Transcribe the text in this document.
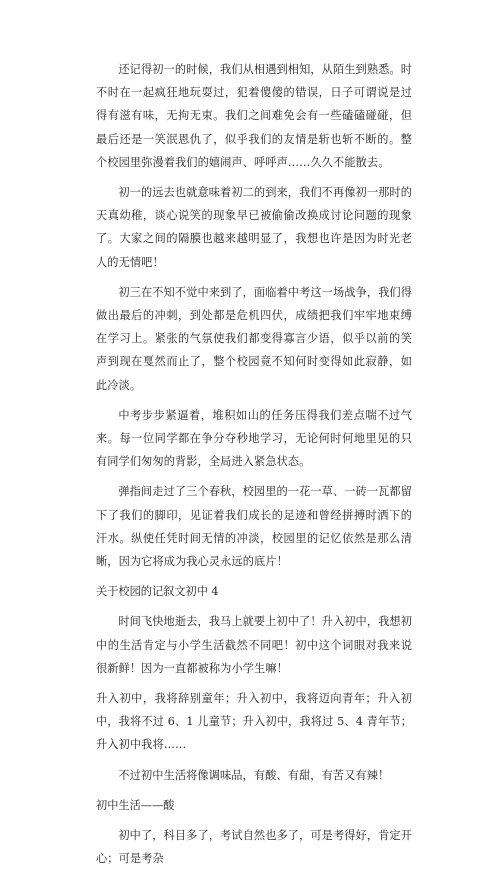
还记得初一的时候，我们从相遇到相知，从陌生到熟悉。时不时在一起疯狂地玩耍过，犯着傻傻的错误，日子可谓说是过得有滋有味，无拘无束。我们之间难免会有一些磕磕碰碰，但最后还是一笑泯恩仇了，似乎我们的友情是斩也斩不断的。整个校园里弥漫着我们的嬉闹声、呼呼声……久久不能散去。

初一的远去也就意味着初二的到来，我们不再像初一那时的天真幼稚，谈心说笑的现象早已被偷偷改换成讨论问题的现象了。大家之间的隔膜也越来越明显了，我想也许是因为时光老人的无情吧！

初三在不知不觉中来到了，面临着中考这一场战争，我们得做出最后的冲刺，到处都是危机四伏，成绩把我们牢牢地束缚在学习上。紧张的气氛使我们都变得寡言少语，似乎以前的笑声到现在戛然而止了，整个校园竟不知何时变得如此寂静，如此冷淡。

中考步步紧逼着，堆积如山的任务压得我们差点喘不过气来。每一位同学都在争分夺秒地学习，无论何时何地里见的只有同学们匆匆的背影，全局进入紧急状态。

弹指间走过了三个春秋，校园里的一花一草、一砖一瓦都留下了我们的脚印，见证着我们成长的足迹和曾经拼搏时洒下的汗水。纵使任凭时间无情的冲淡，校园里的记忆依然是那么清晰，因为它将成为我心灵永远的底片！

关于校园的记叙文初中 4

时间飞快地逝去，我马上就要上初中了！升入初中，我想初中的生活肯定与小学生活截然不同吧！初中这个词眼对我来说很新鲜！因为一直都被称为小学生嘛！

升入初中，我将辞别童年；升入初中，我将迈向青年；升入初中，我将不过 6、1 儿童节；升入初中，我将过 5、4 青年节；升入初中我将……

不过初中生活将像调味品，有酸、有甜，有苦又有辣！

初中生活——酸

初中了，科目多了，考试自然也多了，可是考得好，肯定开心；可是考杂
